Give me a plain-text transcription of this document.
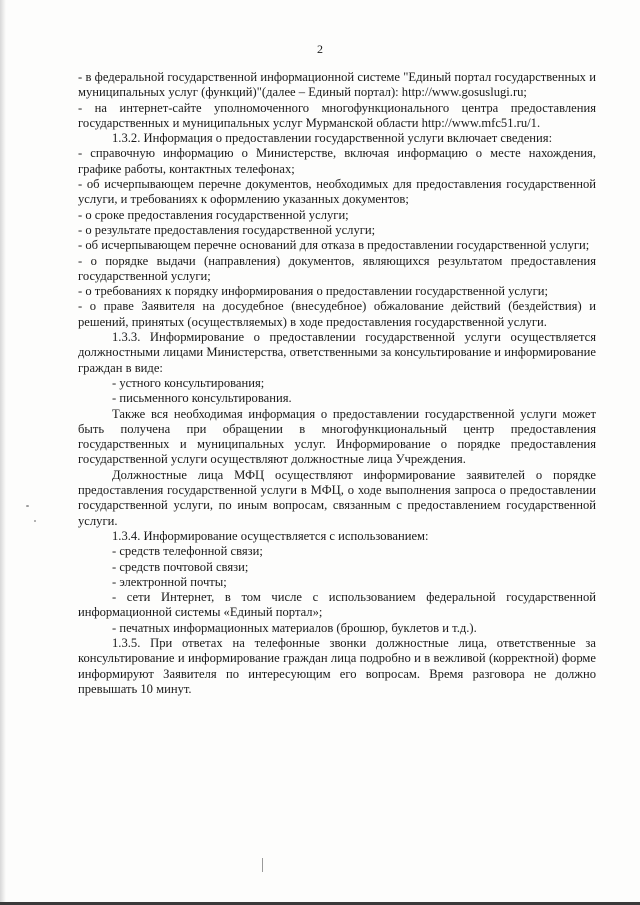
2

- в федеральной государственной информационной системе "Единый портал государственных и муниципальных услуг (функций)"(далее – Единый портал): http://www.gosuslugi.ru;

- на интернет-сайте уполномоченного многофункционального центра предоставления государственных и муниципальных услуг Мурманской области http://www.mfc51.ru/1.

1.3.2. Информация о предоставлении государственной услуги включает сведения:

- справочную информацию о Министерстве, включая информацию о месте нахождения, графике работы, контактных телефонах;

- об исчерпывающем перечне документов, необходимых для предоставления государственной услуги, и требованиях к оформлению указанных документов;

- о сроке предоставления государственной услуги;

- о результате предоставления государственной услуги;

- об исчерпывающем перечне оснований для отказа в предоставлении государственной услуги;

- о порядке выдачи (направления) документов, являющихся результатом предоставления государственной услуги;

- о требованиях к порядку информирования о предоставлении государственной услуги;

- о праве Заявителя на досудебное (внесудебное) обжалование действий (бездействия) и решений, принятых (осуществляемых) в ходе предоставления государственной услуги.

1.3.3. Информирование о предоставлении государственной услуги осуществляется должностными лицами Министерства, ответственными за консультирование и информирование граждан в виде:

- устного консультирования;

- письменного консультирования.

Также вся необходимая информация о предоставлении государственной услуги может быть получена при обращении в многофункциональный центр предоставления государственных и муниципальных услуг. Информирование о порядке предоставления государственной услуги осуществляют должностные лица Учреждения.

Должностные лица МФЦ осуществляют информирование заявителей о порядке предоставления государственной услуги в МФЦ, о ходе выполнения запроса о предоставлении государственной услуги, по иным вопросам, связанным с предоставлением государственной услуги.

1.3.4. Информирование осуществляется с использованием:

- средств телефонной связи;

- средств почтовой связи;

- электронной почты;

- сети Интернет, в том числе с использованием федеральной государственной информационной системы «Единый портал»;

- печатных информационных материалов (брошюр, буклетов и т.д.).

1.3.5. При ответах на телефонные звонки должностные лица, ответственные за консультирование и информирование граждан лица подробно и в вежливой (корректной) форме информируют Заявителя по интересующим его вопросам. Время разговора не должно превышать 10 минут.
